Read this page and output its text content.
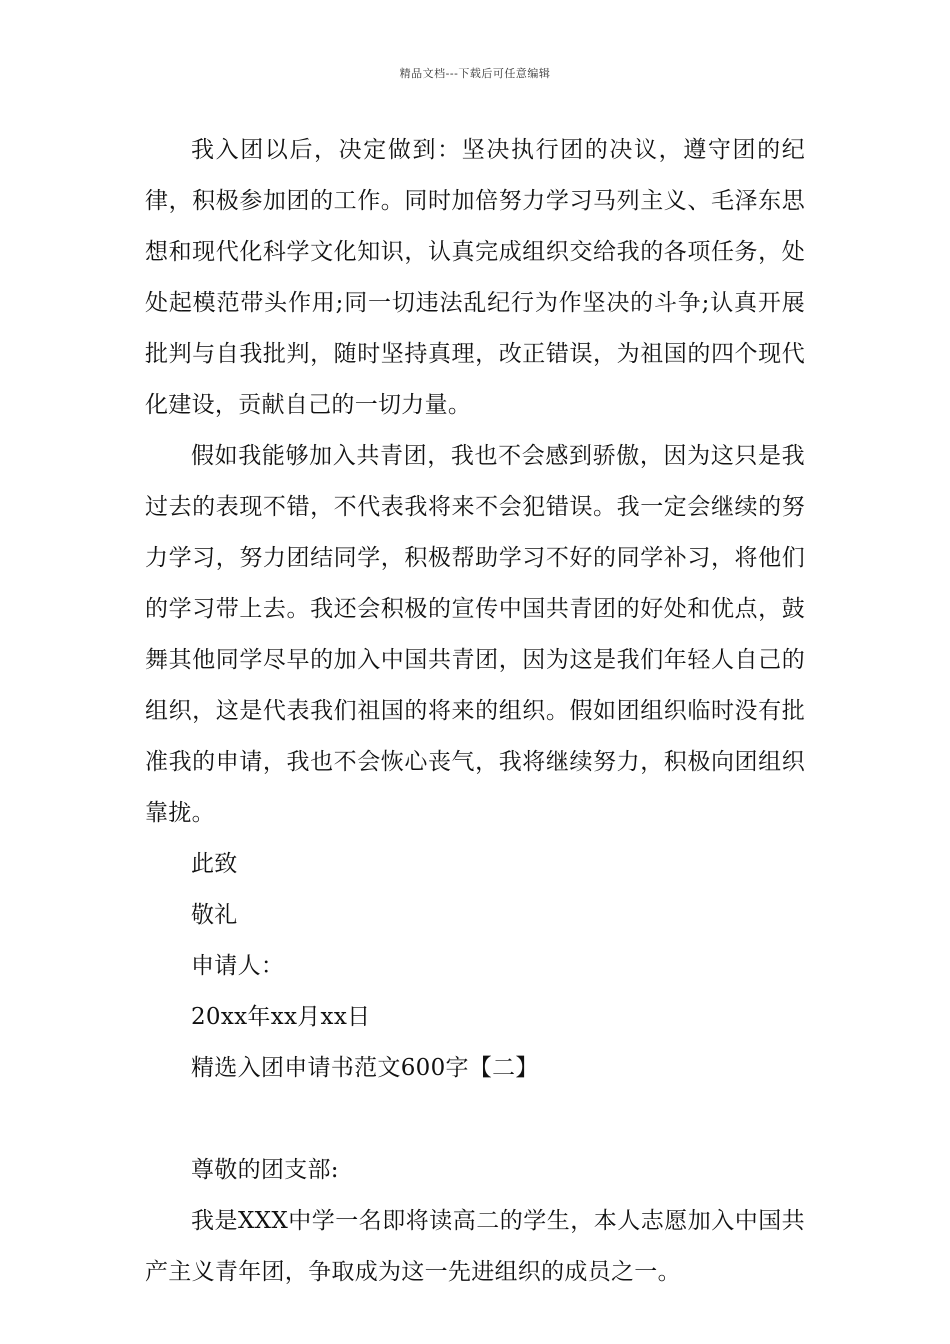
精品文档---下载后可任意编辑

我入团以后，决定做到：坚决执行团的决议，遵守团的纪律，积极参加团的工作。同时加倍努力学习马列主义、毛泽东思想和现代化科学文化知识，认真完成组织交给我的各项任务，处处起模范带头作用;同一切违法乱纪行为作坚决的斗争;认真开展批判与自我批判，随时坚持真理，改正错误，为祖国的四个现代化建设，贡献自己的一切力量。

假如我能够加入共青团，我也不会感到骄傲，因为这只是我过去的表现不错，不代表我将来不会犯错误。我一定会继续的努力学习，努力团结同学，积极帮助学习不好的同学补习，将他们的学习带上去。我还会积极的宣传中国共青团的好处和优点，鼓舞其他同学尽早的加入中国共青团，因为这是我们年轻人自己的组织，这是代表我们祖国的将来的组织。假如团组织临时没有批准我的申请，我也不会恢心丧气，我将继续努力，积极向团组织靠拢。

此致
敬礼
申请人：
20xx年xx月xx日
精选入团申请书范文600字【二】
尊敬的团支部:

我是XXX中学一名即将读高二的学生，本人志愿加入中国共产主义青年团，争取成为这一先进组织的成员之一。
